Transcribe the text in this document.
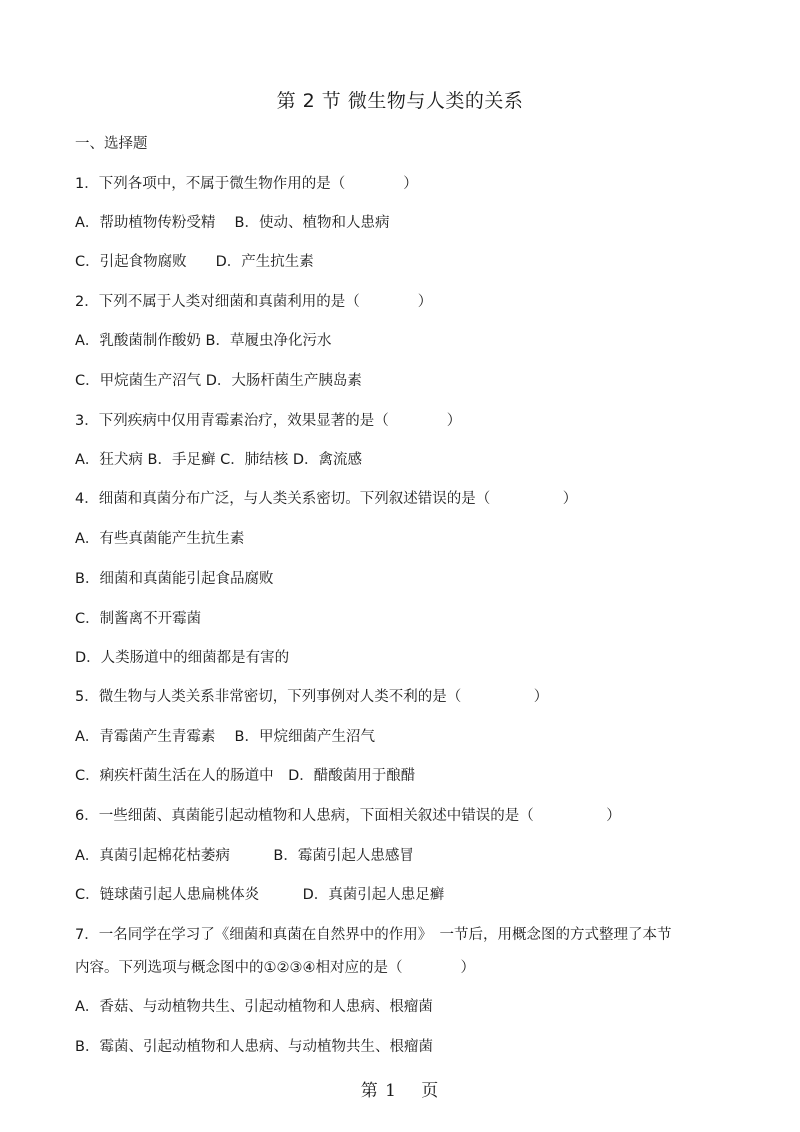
第 2 节 微生物与人类的关系
一、选择题
1．下列各项中，不属于微生物作用的是（　　　　）
A．帮助植物传粉受精　 B．使动、植物和人患病
C．引起食物腐败　　D．产生抗生素
2．下列不属于人类对细菌和真菌利用的是（　　　　）
A．乳酸菌制作酸奶 B．草履虫净化污水
C．甲烷菌生产沼气 D．大肠杆菌生产胰岛素
3．下列疾病中仅用青霉素治疗，效果显著的是（　　　　）
A．狂犬病 B．手足癣 C．肺结核 D．禽流感
4．细菌和真菌分布广泛，与人类关系密切。下列叙述错误的是（　　　　　）
A．有些真菌能产生抗生素
B．细菌和真菌能引起食品腐败
C．制酱离不开霉菌
D．人类肠道中的细菌都是有害的
5．微生物与人类关系非常密切，下列事例对人类不利的是（　　　　　）
A．青霉菌产生青霉素　 B．甲烷细菌产生沼气
C．痢疾杆菌生活在人的肠道中　D．醋酸菌用于酿醋
6．一些细菌、真菌能引起动植物和人患病，下面相关叙述中错误的是（　　　　　）
A．真菌引起棉花枯萎病　　　B．霉菌引起人患感冒
C．链球菌引起人患扁桃体炎　　　D．真菌引起人患足癣
7．一名同学在学习了《细菌和真菌在自然界中的作用》　一节后，用概念图的方式整理了本节
内容。下列选项与概念图中的①②③④相对应的是（　　　　）
A．香菇、与动植物共生、引起动植物和人患病、根瘤菌
B．霉菌、引起动植物和人患病、与动植物共生、根瘤菌
第 1　 页
